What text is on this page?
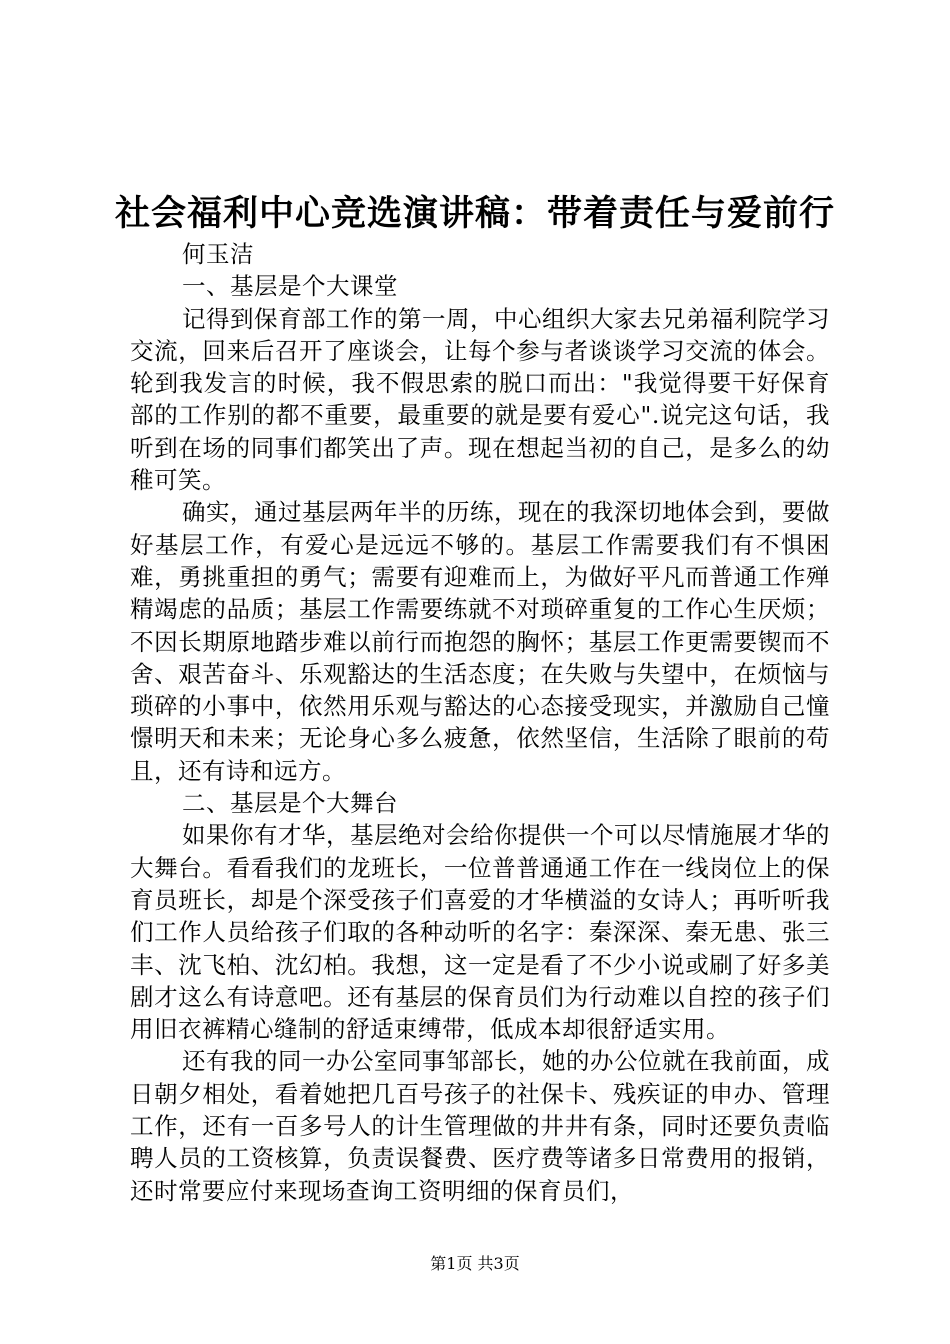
社会福利中心竞选演讲稿：带着责任与爱前行

何玉洁

一、基层是个大课堂

记得到保育部工作的第一周，中心组织大家去兄弟福利院学习交流，回来后召开了座谈会，让每个参与者谈谈学习交流的体会。轮到我发言的时候，我不假思索的脱口而出："我觉得要干好保育部的工作别的都不重要，最重要的就是要有爱心".说完这句话，我听到在场的同事们都笑出了声。现在想起当初的自己，是多么的幼稚可笑。

确实，通过基层两年半的历练，现在的我深切地体会到，要做好基层工作，有爱心是远远不够的。基层工作需要我们有不惧困难，勇挑重担的勇气；需要有迎难而上，为做好平凡而普通工作殚精竭虑的品质；基层工作需要练就不对琐碎重复的工作心生厌烦；不因长期原地踏步难以前行而抱怨的胸怀；基层工作更需要锲而不舍、艰苦奋斗、乐观豁达的生活态度；在失败与失望中，在烦恼与琐碎的小事中，依然用乐观与豁达的心态接受现实，并激励自己憧憬明天和未来；无论身心多么疲惫，依然坚信，生活除了眼前的苟且，还有诗和远方。

二、基层是个大舞台

如果你有才华，基层绝对会给你提供一个可以尽情施展才华的大舞台。看看我们的龙班长，一位普普通通工作在一线岗位上的保育员班长，却是个深受孩子们喜爱的才华横溢的女诗人；再听听我们工作人员给孩子们取的各种动听的名字：秦深深、秦无患、张三丰、沈飞柏、沈幻柏。我想，这一定是看了不少小说或刷了好多美剧才这么有诗意吧。还有基层的保育员们为行动难以自控的孩子们用旧衣裤精心缝制的舒适束缚带，低成本却很舒适实用。

还有我的同一办公室同事邹部长，她的办公位就在我前面，成日朝夕相处，看着她把几百号孩子的社保卡、残疾证的申办、管理工作，还有一百多号人的计生管理做的井井有条，同时还要负责临聘人员的工资核算，负责误餐费、医疗费等诸多日常费用的报销，还时常要应付来现场查询工资明细的保育员们，

第1页 共3页
